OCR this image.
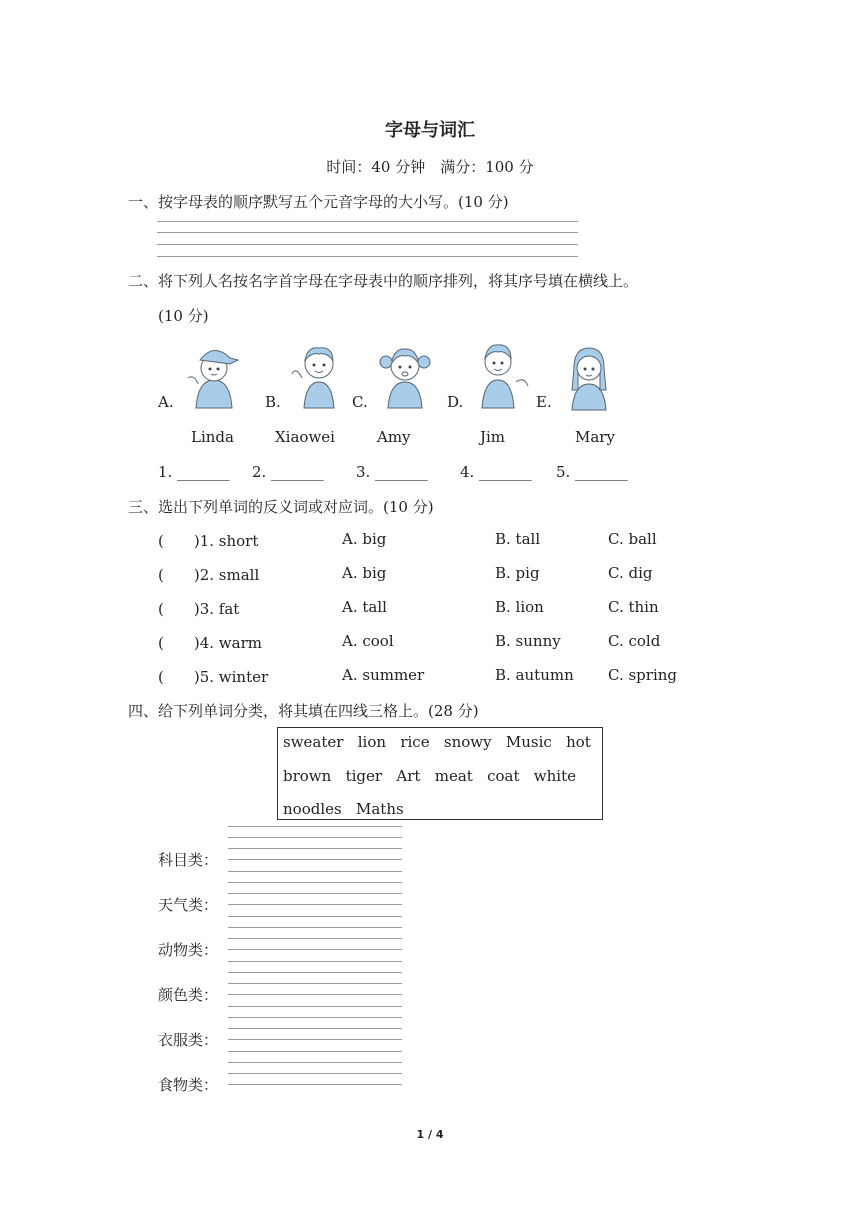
字母与词汇
时间：40 分钟　满分：100 分
一、按字母表的顺序默写五个元音字母的大小写。(10 分)
二、将下列人名按名字首字母在字母表中的顺序排列，将其序号填在横线上。
(10 分)
A.	B.	C.	D.	E.
Linda	Xiaowei	Amy	Jim	Mary
1. _______ 2. _______ 3. _______ 4. _______ 5. _______
三、选出下列单词的反义词或对应词。(10 分)
(　　)1. short	A. big	B. tall	C. ball
(　　)2. small	A. big	B. pig	C. dig
(　　)3. fat	A. tall	B. lion	C. thin
(　　)4. warm	A. cool	B. sunny	C. cold
(　　)5. winter	A. summer	B. autumn C. spring
四、给下列单词分类，将其填在四线三格上。(28 分)
sweater   lion   rice   snowy   Music   hot
brown   tiger   Art   meat   coat   white
noodles   Maths
科目类：
天气类：
动物类：
颜色类：
衣服类：
食物类：
1 / 4
